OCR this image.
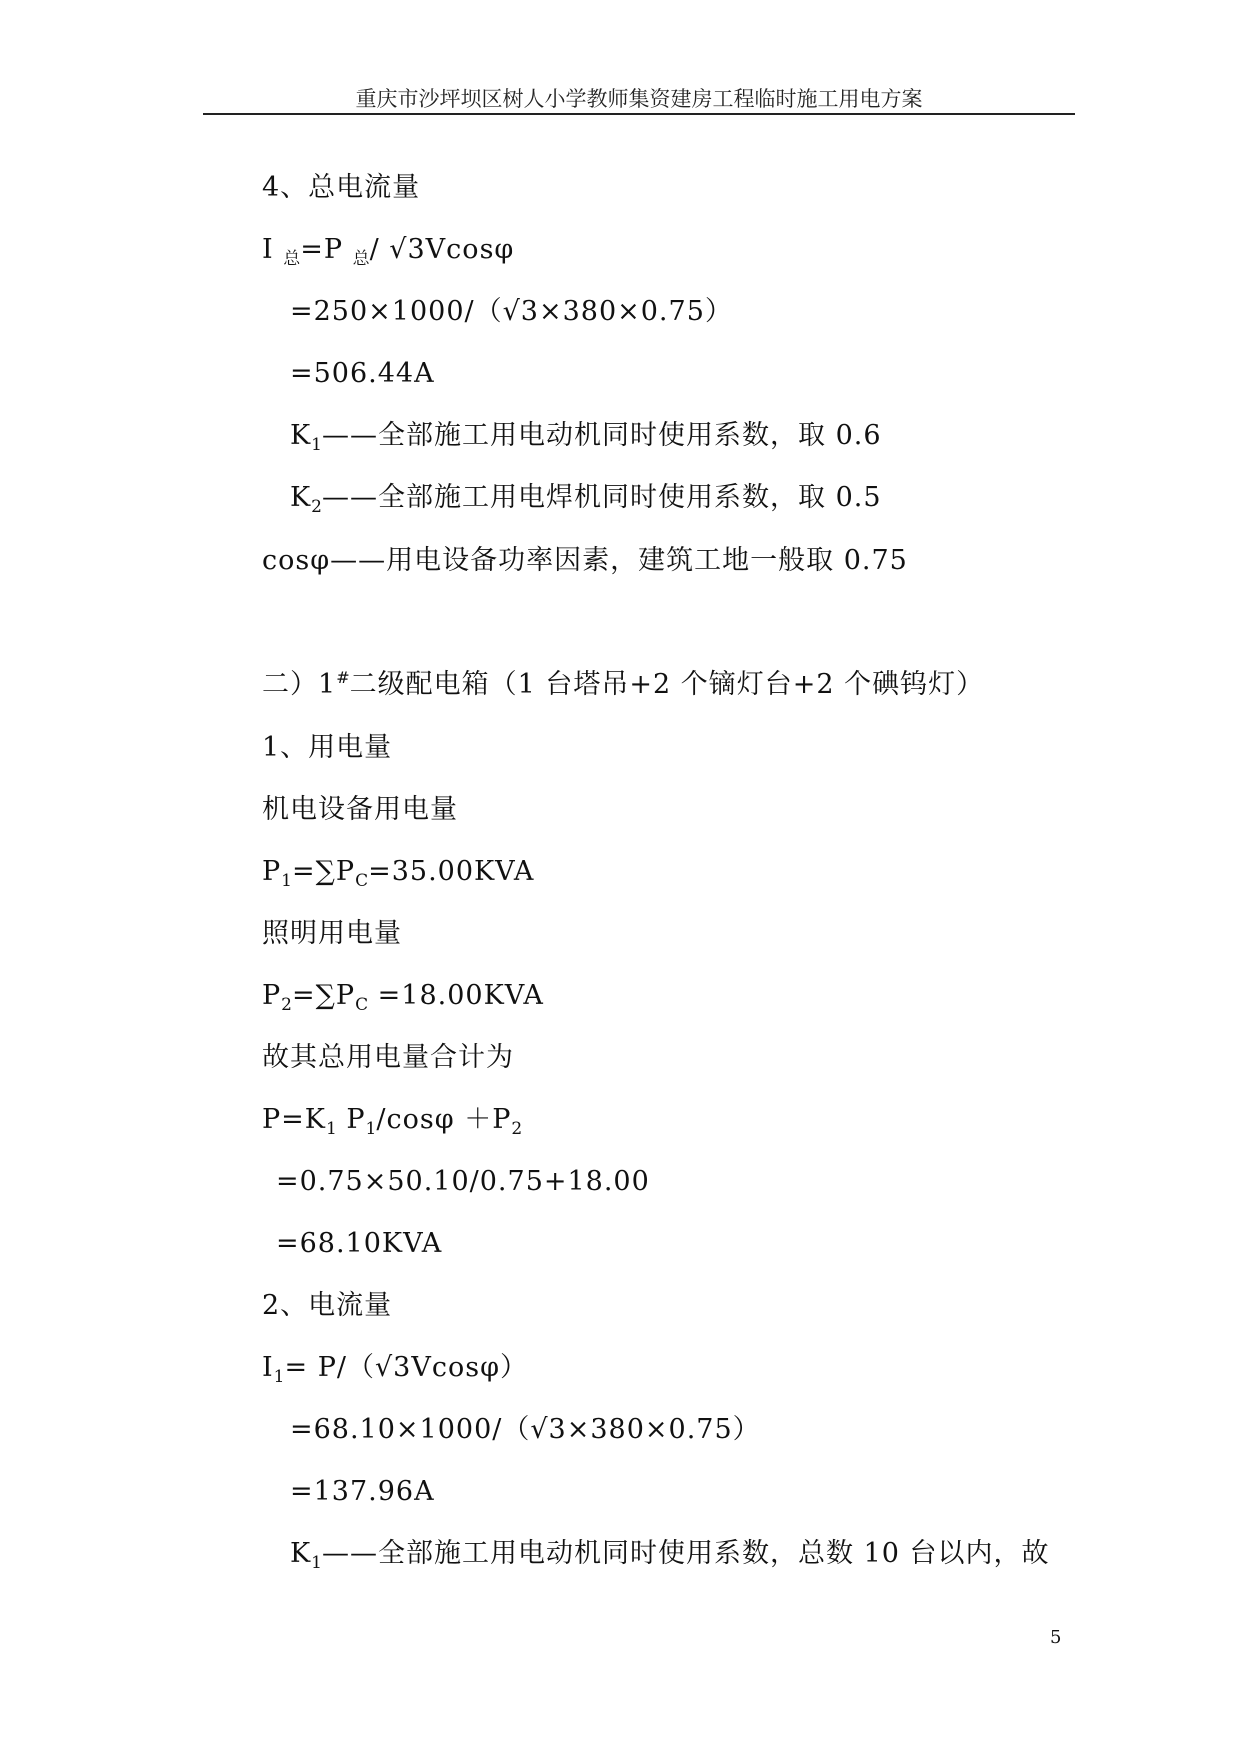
重庆市沙坪坝区树人小学教师集资建房工程临时施工用电方案
4、总电流量
I $_总$=P $_总$/ √3Vcosφ
=250×1000/（√3×380×0.75）
=506.44A
$K_1——$全部施工用电动机同时使用系数，取 0.6
$K_2——$全部施工用电焊机同时使用系数，取 0.5
cosφ——用电设备功率因素，建筑工地一般取 0.75
二）1#二级配电箱（1 台塔吊+2 个镝灯台+2 个碘钨灯）
1、用电量
机电设备用电量
$P_1=\sum P_C=35.00KVA$
照明用电量
$P_2=\sum P_C =18.00KVA$
故其总用电量合计为
$P=K_1$ $P_1$/cosφ $+P_2$
=0.75×50.10/0.75+18.00
=68.10KVA
2、电流量
$I_1= P/(√3Vcos\varphi)$
=68.10×1000/（√3×380×0.75）
=137.96A
$K_1——$全部施工用电动机同时使用系数，总数 10 台以内，故
5
